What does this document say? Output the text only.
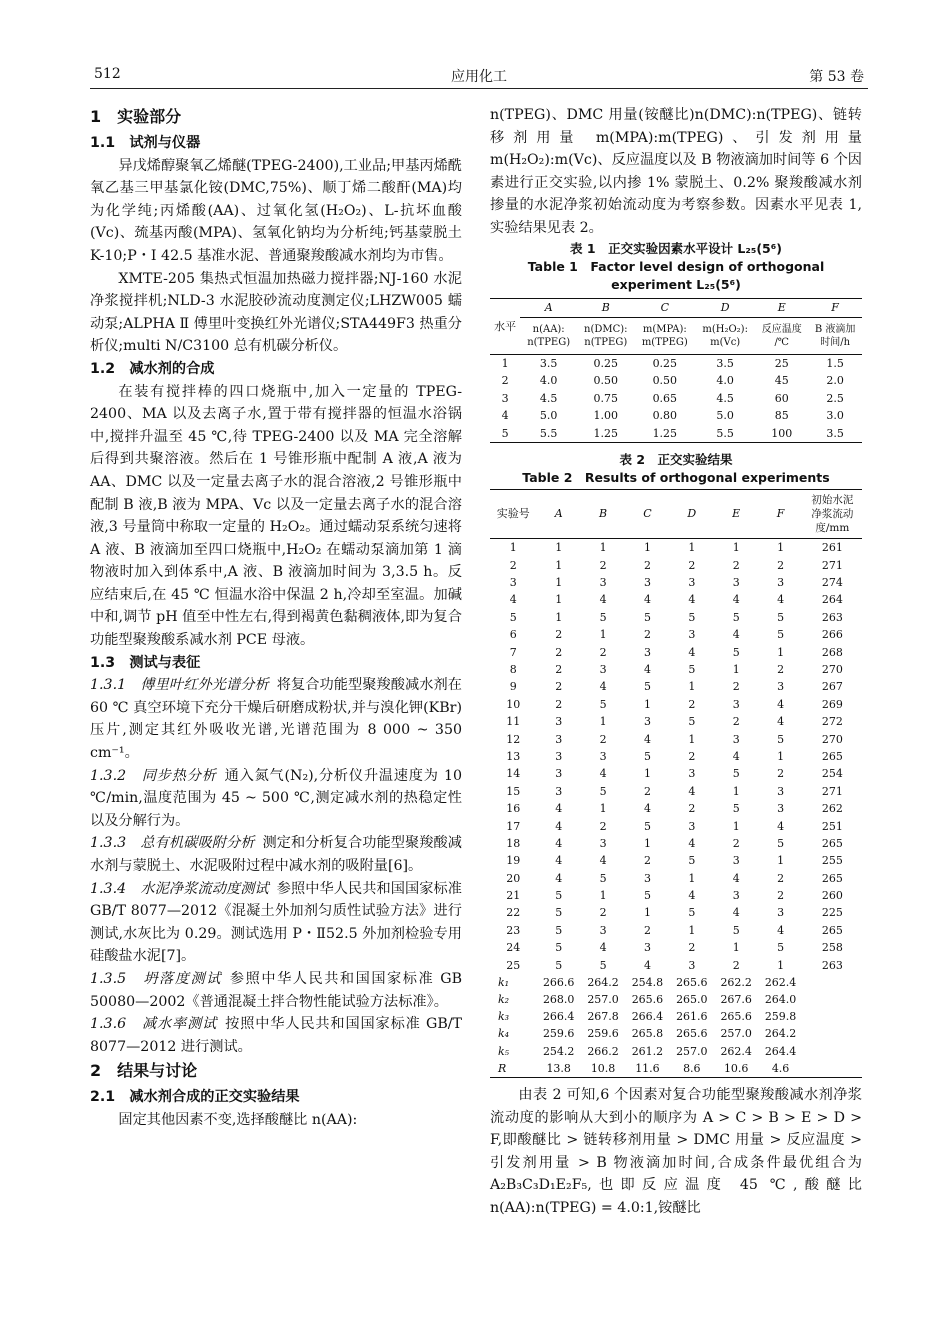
512	应用化工	第 53 卷
1　实验部分
1.1　试剂与仪器

异戊烯醇聚氧乙烯醚(TPEG-2400),工业品;甲基丙烯酰氧乙基三甲基氯化铵(DMC,75%)、顺丁烯二酸酐(MA)均为化学纯;丙烯酸(AA)、过氧化氢(H₂O₂)、L-抗坏血酸(Vc)、巯基丙酸(MPA)、氢氧化钠均为分析纯;钙基蒙脱土 K-10;P・I 42.5 基准水泥、普通聚羧酸减水剂均为市售。

XMTE-205 集热式恒温加热磁力搅拌器;NJ-160 水泥净浆搅拌机;NLD-3 水泥胶砂流动度测定仪;LHZW005 蠕动泵;ALPHA Ⅱ 傅里叶变换红外光谱仪;STA449F3 热重分析仪;multi N/C3100 总有机碳分析仪。

1.2　减水剂的合成

在装有搅拌棒的四口烧瓶中,加入一定量的 TPEG-2400、MA 以及去离子水,置于带有搅拌器的恒温水浴锅中,搅拌升温至 45 ℃,待 TPEG-2400 以及 MA 完全溶解后得到共聚溶液。然后在 1 号锥形瓶中配制 A 液,A 液为 AA、DMC 以及一定量去离子水的混合溶液,2 号锥形瓶中配制 B 液,B 液为 MPA、Vc 以及一定量去离子水的混合溶液,3 号量筒中称取一定量的 H₂O₂。通过蠕动泵系统匀速将 A 液、B 液滴加至四口烧瓶中,H₂O₂ 在蠕动泵滴加第 1 滴物液时加入到体系中,A 液、B 液滴加时间为 3,3.5 h。反应结束后,在 45 ℃ 恒温水浴中保温 2 h,冷却至室温。加碱中和,调节 pH 值至中性左右,得到褐黄色黏稠液体,即为复合功能型聚羧酸系减水剂 PCE 母液。

1.3　测试与表征

1.3.1　傅里叶红外光谱分析 将复合功能型聚羧酸减水剂在 60 ℃ 真空环境下充分干燥后研磨成粉状,并与溴化钾(KBr)压片,测定其红外吸收光谱,光谱范围为 8 000 ~ 350 cm⁻¹。

1.3.2　同步热分析 通入氮气(N₂),分析仪升温速度为 10 ℃/min,温度范围为 45 ~ 500 ℃,测定减水剂的热稳定性以及分解行为。

1.3.3　总有机碳吸附分析 测定和分析复合功能型聚羧酸减水剂与蒙脱土、水泥吸附过程中减水剂的吸附量[6]。

1.3.4　水泥净浆流动度测试 参照中华人民共和国国家标准 GB/T 8077—2012《混凝土外加剂匀质性试验方法》进行测试,水灰比为 0.29。测试选用 P・Ⅱ52.5 外加剂检验专用硅酸盐水泥[7]。

1.3.5　坍落度测试 参照中华人民共和国国家标准 GB 50080—2002《普通混凝土拌合物性能试验方法标准》。

1.3.6　减水率测试 按照中华人民共和国国家标准 GB/T 8077—2012 进行测试。

2　结果与讨论
2.1　减水剂合成的正交实验结果

固定其他因素不变,选择酸醚比 n(AA):

n(TPEG)、DMC 用量(铵醚比)n(DMC):n(TPEG)、链转移剂用量 m(MPA):m(TPEG)、引发剂用量 m(H₂O₂):m(Vc)、反应温度以及 B 物液滴加时间等 6 个因素进行正交实验,以内掺 1% 蒙脱土、0.2% 聚羧酸减水剂掺量的水泥净浆初始流动度为考察参数。因素水平见表 1,实验结果见表 2。

表 1　正交实验因素水平设计 L₂₅(5⁶)
Table 1　Factor level design of orthogonal
experiment L₂₅(5⁶)
水平	A	B	C	D	E	F
	n(AA):
n(TPEG)	n(DMC):
n(TPEG)	m(MPA):
m(TPEG)	m(H₂O₂):
m(Vc)	反应温度
/℃	B 液滴加
时间/h
1	3.5	0.25	0.25	3.5	25	1.5
2	4.0	0.50	0.50	4.0	45	2.0
3	4.5	0.75	0.65	4.5	60	2.5
4	5.0	1.00	0.80	5.0	85	3.0
5	5.5	1.25	1.25	5.5	100	3.5
表 2　正交实验结果
Table 2　Results of orthogonal experiments
实验号	A	B	C	D	E	F	初始水泥
净浆流动
度/mm
1	1	1	1	1	1	1	261
2	1	2	2	2	2	2	271
3	1	3	3	3	3	3	274
4	1	4	4	4	4	4	264
5	1	5	5	5	5	5	263
6	2	1	2	3	4	5	266
7	2	2	3	4	5	1	268
8	2	3	4	5	1	2	270
9	2	4	5	1	2	3	267
10	2	5	1	2	3	4	269
11	3	1	3	5	2	4	272
12	3	2	4	1	3	5	270
13	3	3	5	2	4	1	265
14	3	4	1	3	5	2	254
15	3	5	2	4	1	3	271
16	4	1	4	2	5	3	262
17	4	2	5	3	1	4	251
18	4	3	1	4	2	5	265
19	4	4	2	5	3	1	255
20	4	5	3	1	4	2	265
21	5	1	5	4	3	2	260
22	5	2	1	5	4	3	225
23	5	3	2	1	5	4	265
24	5	4	3	2	1	5	258
25	5	5	4	3	2	1	263
k₁	266.6	264.2	254.8	265.6	262.2	262.4	
k₂	268.0	257.0	265.6	265.0	267.6	264.0	
k₃	266.4	267.8	266.4	261.6	265.6	259.8	
k₄	259.6	259.6	265.8	265.6	257.0	264.2	
k₅	254.2	266.2	261.2	257.0	262.4	264.4	
R	13.8	10.8	11.6	8.6	10.6	4.6	

由表 2 可知,6 个因素对复合功能型聚羧酸减水剂净浆流动度的影响从大到小的顺序为 A > C > B > E > D > F,即酸醚比 > 链转移剂用量 > DMC 用量 > 反应温度 > 引发剂用量 > B 物液滴加时间,合成条件最优组合为 A₂B₃C₃D₁E₂F₅,也即反应温度 45 ℃,酸醚比 n(AA):n(TPEG) = 4.0:1,铵醚比
